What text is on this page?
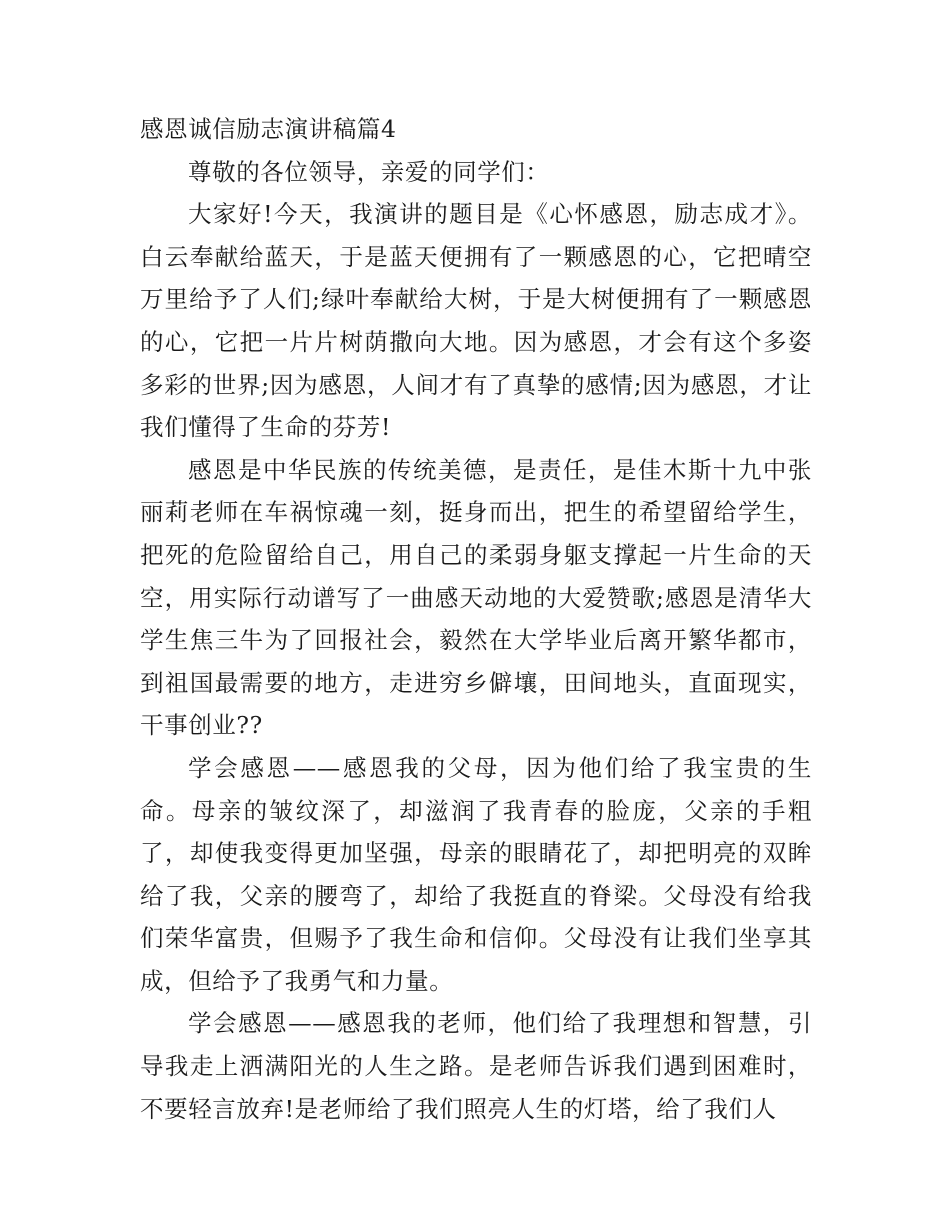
感恩诚信励志演讲稿篇4

尊敬的各位领导，亲爱的同学们：

大家好!今天，我演讲的题目是《心怀感恩，励志成才》。 白云奉献给蓝天，于是蓝天便拥有了一颗感恩的心，它把晴空万里给予了人们;绿叶奉献给大树，于是大树便拥有了一颗感恩的心，它把一片片树荫撒向大地。因为感恩，才会有这个多姿多彩的世界;因为感恩，人间才有了真挚的感情;因为感恩，才让我们懂得了生命的芬芳!

感恩是中华民族的传统美德，是责任，是佳木斯十九中张丽莉老师在车祸惊魂一刻，挺身而出，把生的希望留给学生，把死的危险留给自己，用自己的柔弱身躯支撑起一片生命的天空，用实际行动谱写了一曲感天动地的大爱赞歌;感恩是清华大学生焦三牛为了回报社会，毅然在大学毕业后离开繁华都市，到祖国最需要的地方，走进穷乡僻壤，田间地头，直面现实，干事创业??

学会感恩——感恩我的父母，因为他们给了我宝贵的生命。母亲的皱纹深了，却滋润了我青春的脸庞，父亲的手粗了，却使我变得更加坚强，母亲的眼睛花了，却把明亮的双眸给了我，父亲的腰弯了，却给了我挺直的脊梁。父母没有给我们荣华富贵，但赐予了我生命和信仰。父母没有让我们坐享其成，但给予了我勇气和力量。

学会感恩——感恩我的老师，他们给了我理想和智慧，引导我走上洒满阳光的人生之路。是老师告诉我们遇到困难时，不要轻言放弃!是老师给了我们照亮人生的灯塔，给了我们人
